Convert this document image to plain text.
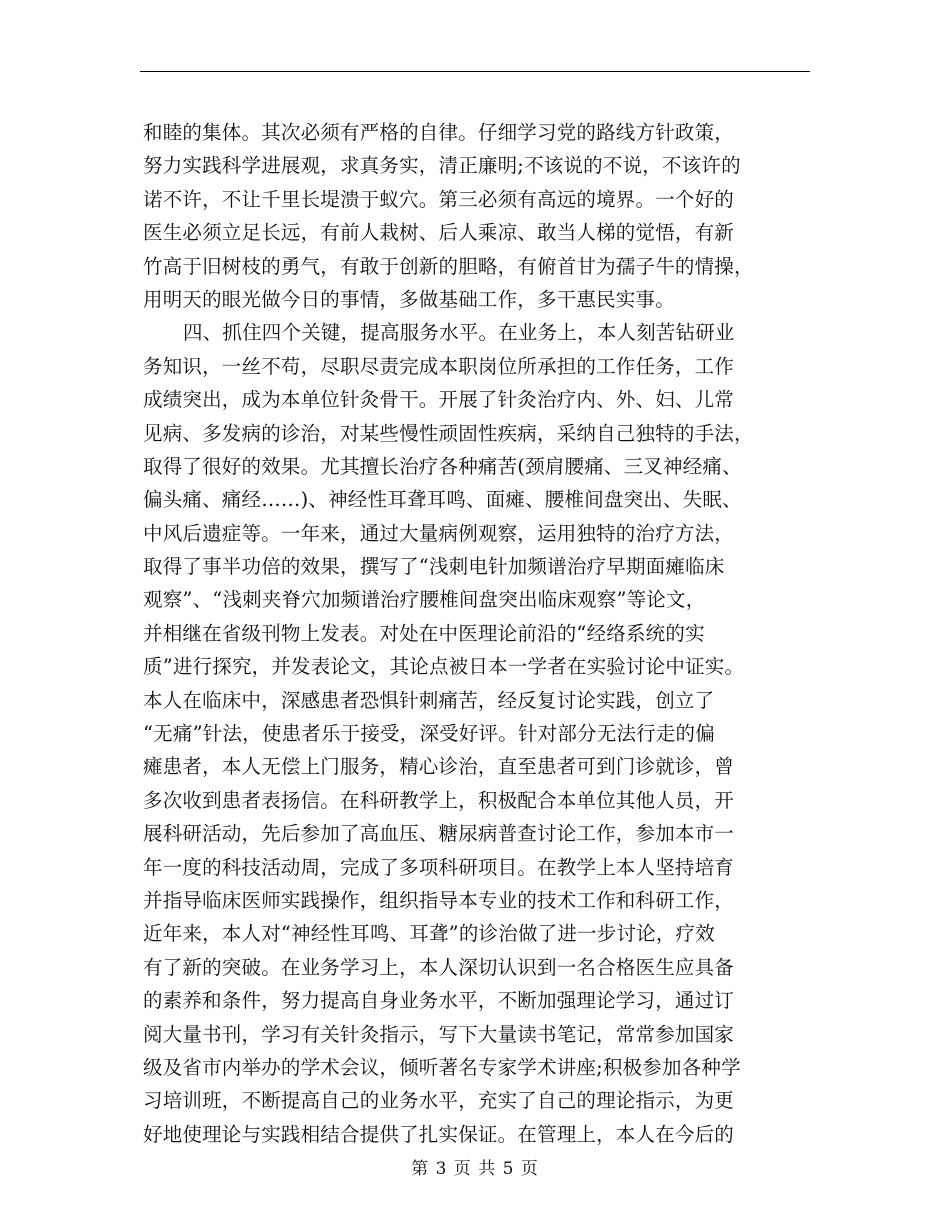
和睦的集体。其次必须有严格的自律。仔细学习党的路线方针政策，
努力实践科学进展观，求真务实，清正廉明;不该说的不说，不该许的
诺不许，不让千里长堤溃于蚁穴。第三必须有高远的境界。一个好的
医生必须立足长远，有前人栽树、后人乘凉、敢当人梯的觉悟，有新
竹高于旧树枝的勇气，有敢于创新的胆略，有俯首甘为孺子牛的情操，
用明天的眼光做今日的事情，多做基础工作，多干惠民实事。
四、抓住四个关键，提高服务水平。在业务上，本人刻苦钻研业
务知识，一丝不苟，尽职尽责完成本职岗位所承担的工作任务，工作
成绩突出，成为本单位针灸骨干。开展了针灸治疗内、外、妇、儿常
见病、多发病的诊治，对某些慢性顽固性疾病，采纳自己独特的手法，
取得了很好的效果。尤其擅长治疗各种痛苦(颈肩腰痛、三叉神经痛、
偏头痛、痛经……)、神经性耳聋耳鸣、面瘫、腰椎间盘突出、失眠、
中风后遗症等。一年来，通过大量病例观察，运用独特的治疗方法，
取得了事半功倍的效果，撰写了“浅刺电针加频谱治疗早期面瘫临床
观察”、“浅刺夹脊穴加频谱治疗腰椎间盘突出临床观察”等论文，
并相继在省级刊物上发表。对处在中医理论前沿的“经络系统的实
质”进行探究，并发表论文，其论点被日本一学者在实验讨论中证实。
本人在临床中，深感患者恐惧针刺痛苦，经反复讨论实践，创立了
“无痛”针法，使患者乐于接受，深受好评。针对部分无法行走的偏
瘫患者，本人无偿上门服务，精心诊治，直至患者可到门诊就诊，曾
多次收到患者表扬信。在科研教学上，积极配合本单位其他人员，开
展科研活动，先后参加了高血压、糖尿病普查讨论工作，参加本市一
年一度的科技活动周，完成了多项科研项目。在教学上本人坚持培育
并指导临床医师实践操作，组织指导本专业的技术工作和科研工作，
近年来，本人对“神经性耳鸣、耳聋”的诊治做了进一步讨论，疗效
有了新的突破。在业务学习上，本人深切认识到一名合格医生应具备
的素养和条件，努力提高自身业务水平，不断加强理论学习，通过订
阅大量书刊，学习有关针灸指示，写下大量读书笔记，常常参加国家
级及省市内举办的学术会议，倾听著名专家学术讲座;积极参加各种学
习培训班，不断提高自己的业务水平，充实了自己的理论指示，为更
好地使理论与实践相结合提供了扎实保证。在管理上，本人在今后的
第 3 页 共 5 页
